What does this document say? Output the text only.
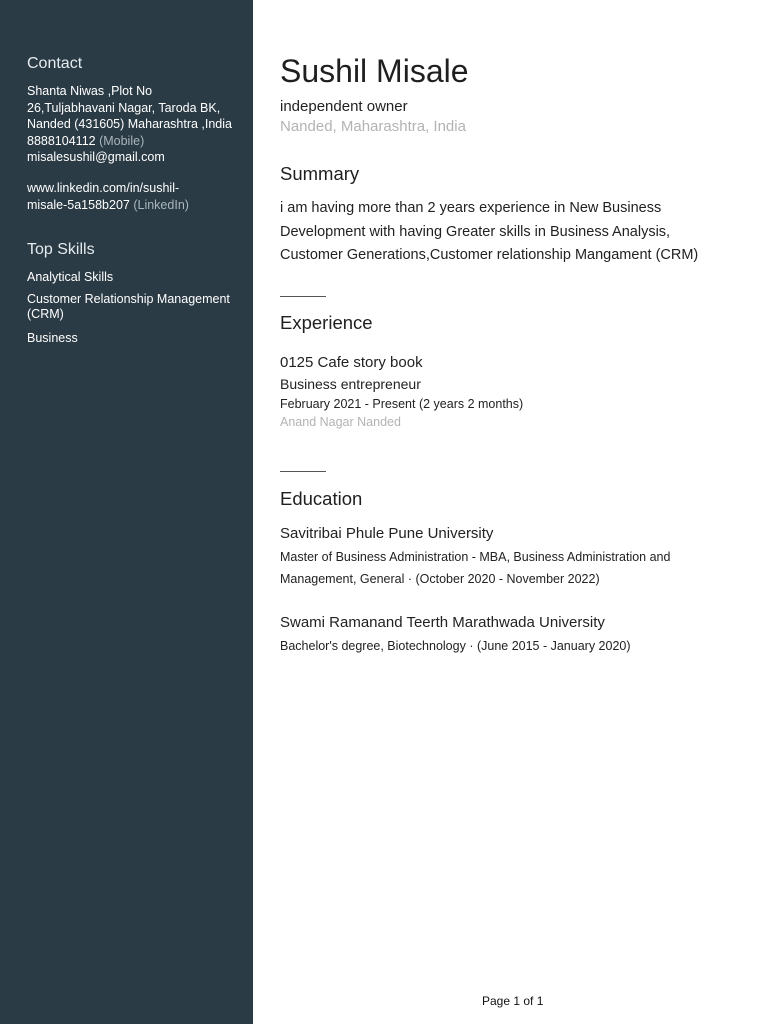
Contact
Shanta Niwas ,Plot No
26,Tuljabhavani Nagar, Taroda BK,
Nanded (431605) Maharashtra ,India
8888104112 (Mobile)
misalesushil@gmail.com
www.linkedin.com/in/sushil-
misale-5a158b207 (LinkedIn)
Top Skills
Analytical Skills
Customer Relationship Management (CRM)
Business
Sushil Misale
independent owner
Nanded, Maharashtra, India
Summary
i am having more than 2 years experience in New Business Development with having Greater skills in Business Analysis, Customer Generations,Customer relationship Mangament (CRM)
Experience
0125 Cafe story book
Business entrepreneur
February 2021 - Present (2 years 2 months)
Anand Nagar Nanded
Education
Savitribai Phule Pune University
Master of Business Administration - MBA, Business Administration and Management, General · (October 2020 - November 2022)
Swami Ramanand Teerth Marathwada University
Bachelor's degree, Biotechnology · (June 2015 - January 2020)
Page 1 of 1
